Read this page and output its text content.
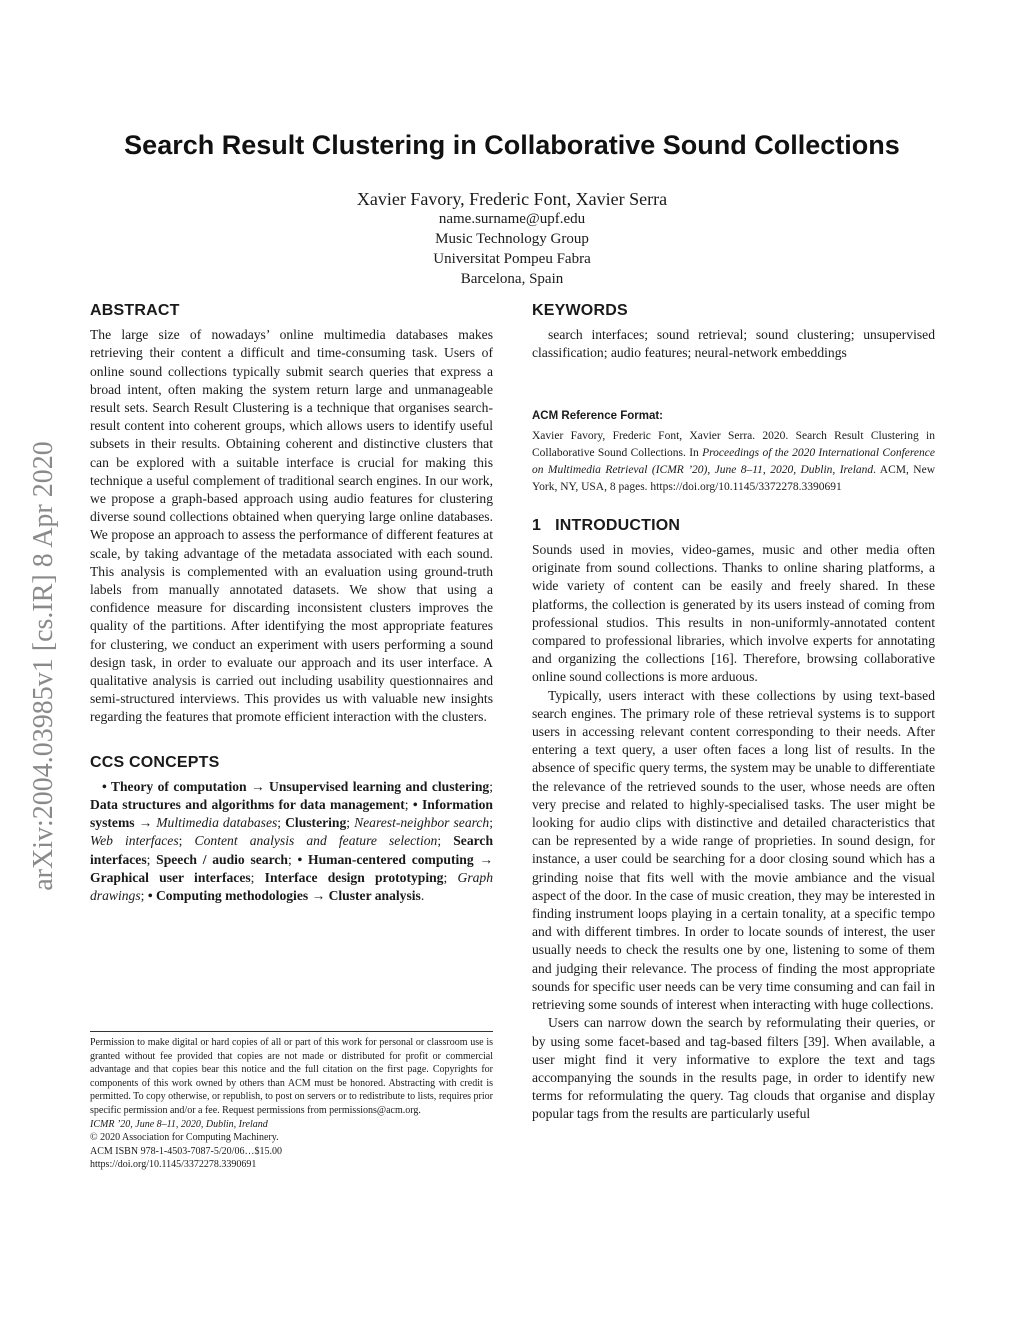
arXiv:2004.03985v1 [cs.IR] 8 Apr 2020
Search Result Clustering in Collaborative Sound Collections
Xavier Favory, Frederic Font, Xavier Serra
name.surname@upf.edu
Music Technology Group
Universitat Pompeu Fabra
Barcelona, Spain
ABSTRACT

The large size of nowadays’ online multimedia databases makes retrieving their content a difficult and time-consuming task. Users of online sound collections typically submit search queries that express a broad intent, often making the system return large and unmanageable result sets. Search Result Clustering is a technique that organises search-result content into coherent groups, which allows users to identify useful subsets in their results. Obtaining coherent and distinctive clusters that can be explored with a suitable interface is crucial for making this technique a useful complement of traditional search engines. In our work, we propose a graph-based approach using audio features for clustering diverse sound collections obtained when querying large online databases. We propose an approach to assess the performance of different features at scale, by taking advantage of the metadata associated with each sound. This analysis is complemented with an evaluation using ground-truth labels from manually annotated datasets. We show that using a confidence measure for discarding inconsistent clusters improves the quality of the partitions. After identifying the most appropriate features for clustering, we conduct an experiment with users performing a sound design task, in order to evaluate our approach and its user interface. A qualitative analysis is carried out including usability questionnaires and semi-structured interviews. This provides us with valuable new insights regarding the features that promote efficient interaction with the clusters.

CCS CONCEPTS

• Theory of computation → Unsupervised learning and clustering; Data structures and algorithms for data management; • Information systems → Multimedia databases; Clustering; Nearest-neighbor search; Web interfaces; Content analysis and feature selection; Search interfaces; Speech / audio search; • Human-centered computing → Graphical user interfaces; Interface design prototyping; Graph drawings; • Computing methodologies → Cluster analysis.

Permission to make digital or hard copies of all or part of this work for personal or classroom use is granted without fee provided that copies are not made or distributed for profit or commercial advantage and that copies bear this notice and the full citation on the first page. Copyrights for components of this work owned by others than ACM must be honored. Abstracting with credit is permitted. To copy otherwise, or republish, to post on servers or to redistribute to lists, requires prior specific permission and/or a fee. Request permissions from permissions@acm.org.

ICMR ’20, June 8–11, 2020, Dublin, Ireland
© 2020 Association for Computing Machinery.
ACM ISBN 978-1-4503-7087-5/20/06…$15.00
https://doi.org/10.1145/3372278.3390691
KEYWORDS

search interfaces; sound retrieval; sound clustering; unsupervised classification; audio features; neural-network embeddings

ACM Reference Format:

Xavier Favory, Frederic Font, Xavier Serra. 2020. Search Result Clustering in Collaborative Sound Collections. In Proceedings of the 2020 International Conference on Multimedia Retrieval (ICMR ’20), June 8–11, 2020, Dublin, Ireland. ACM, New York, NY, USA, 8 pages. https://doi.org/10.1145/3372278.3390691

1 INTRODUCTION

Sounds used in movies, video-games, music and other media often originate from sound collections. Thanks to online sharing platforms, a wide variety of content can be easily and freely shared. In these platforms, the collection is generated by its users instead of coming from professional studios. This results in non-uniformly-annotated content compared to professional libraries, which involve experts for annotating and organizing the collections [16]. Therefore, browsing collaborative online sound collections is more arduous.

Typically, users interact with these collections by using text-based search engines. The primary role of these retrieval systems is to support users in accessing relevant content corresponding to their needs. After entering a text query, a user often faces a long list of results. In the absence of specific query terms, the system may be unable to differentiate the relevance of the retrieved sounds to the user, whose needs are often very precise and related to highly-specialised tasks. The user might be looking for audio clips with distinctive and detailed characteristics that can be represented by a wide range of proprieties. In sound design, for instance, a user could be searching for a door closing sound which has a grinding noise that fits well with the movie ambiance and the visual aspect of the door. In the case of music creation, they may be interested in finding instrument loops playing in a certain tonality, at a specific tempo and with different timbres. In order to locate sounds of interest, the user usually needs to check the results one by one, listening to some of them and judging their relevance. The process of finding the most appropriate sounds for specific user needs can be very time consuming and can fail in retrieving some sounds of interest when interacting with huge collections.

Users can narrow down the search by reformulating their queries, or by using some facet-based and tag-based filters [39]. When available, a user might find it very informative to explore the text and tags accompanying the sounds in the results page, in order to identify new terms for reformulating the query. Tag clouds that organise and display popular tags from the results are particularly useful
